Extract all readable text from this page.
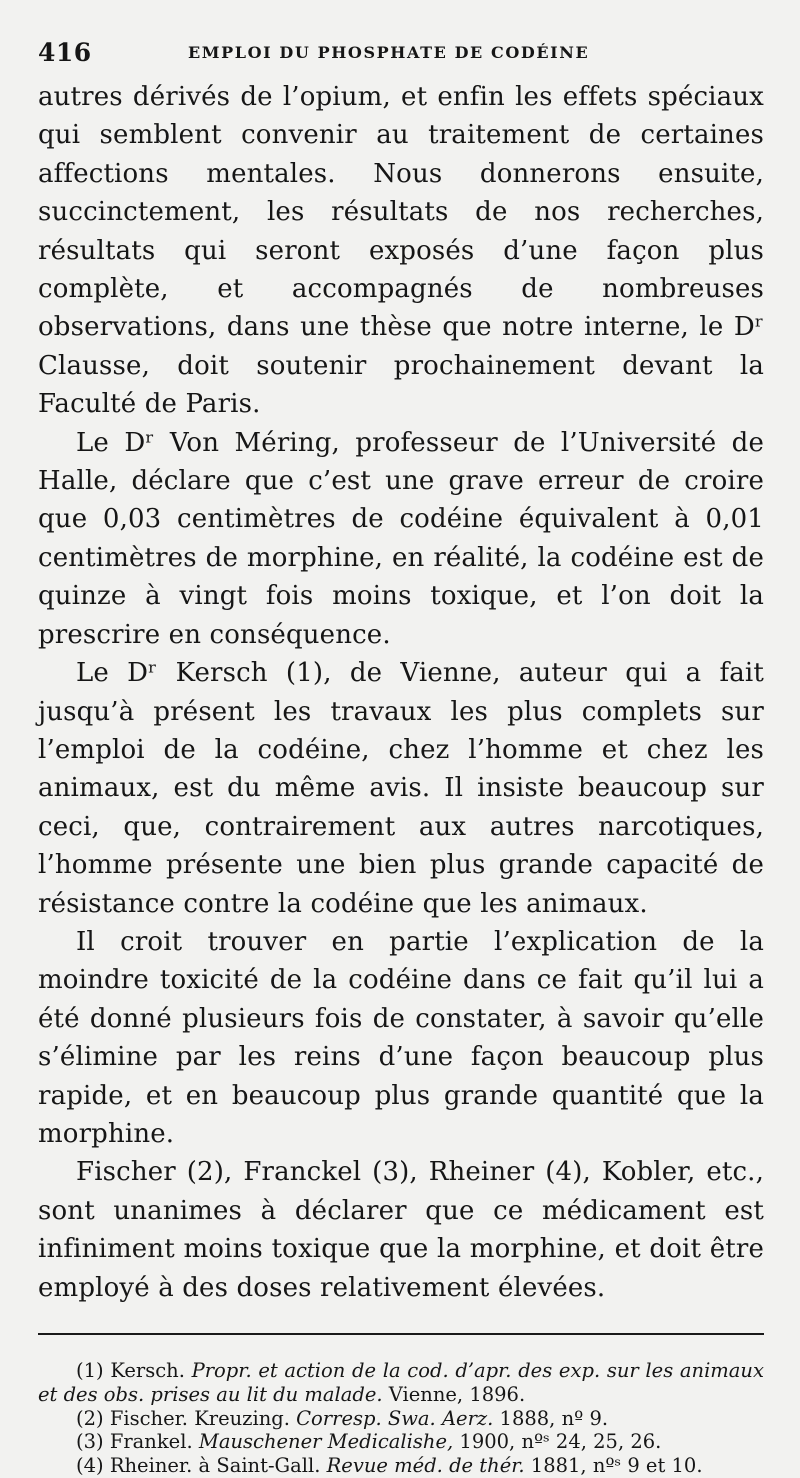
416	EMPLOI DU PHOSPHATE DE CODÉINE

autres dérivés de l’opium, et enfin les effets spéciaux qui semblent convenir au traitement de certaines affections mentales. Nous donnerons ensuite, succinctement, les résultats de nos recherches, résultats qui seront exposés d’une façon plus complète, et accompagnés de nombreuses observations, dans une thèse que notre interne, le Dʳ Clausse, doit soutenir prochainement devant la Faculté de Paris.

Le Dʳ Von Méring, professeur de l’Université de Halle, déclare que c’est une grave erreur de croire que 0,03 centimètres de codéine équivalent à 0,01 centimètres de morphine, en réalité, la codéine est de quinze à vingt fois moins toxique, et l’on doit la prescrire en conséquence.

Le Dʳ Kersch (1), de Vienne, auteur qui a fait jusqu’à présent les travaux les plus complets sur l’emploi de la codéine, chez l’homme et chez les animaux, est du même avis. Il insiste beaucoup sur ceci, que, contrairement aux autres narcotiques, l’homme présente une bien plus grande capacité de résistance contre la codéine que les animaux.

Il croit trouver en partie l’explication de la moindre toxicité de la codéine dans ce fait qu’il lui a été donné plusieurs fois de constater, à savoir qu’elle s’élimine par les reins d’une façon beaucoup plus rapide, et en beaucoup plus grande quantité que la morphine.

Fischer (2), Franckel (3), Rheiner (4), Kobler, etc., sont unanimes à déclarer que ce médicament est infiniment moins toxique que la morphine, et doit être employé à des doses relativement élevées.

(1) Kersch. Propr. et action de la cod. d’apr. des exp. sur les animaux et des obs. prises au lit du malade. Vienne, 1896.

(2) Fischer. Kreuzing. Corresp. Swa. Aerz. 1888, nº 9.

(3) Frankel. Mauschener Medicalishe, 1900, nºˢ 24, 25, 26.

(4) Rheiner. à Saint-Gall. Revue méd. de thér. 1881, nºˢ 9 et 10.
